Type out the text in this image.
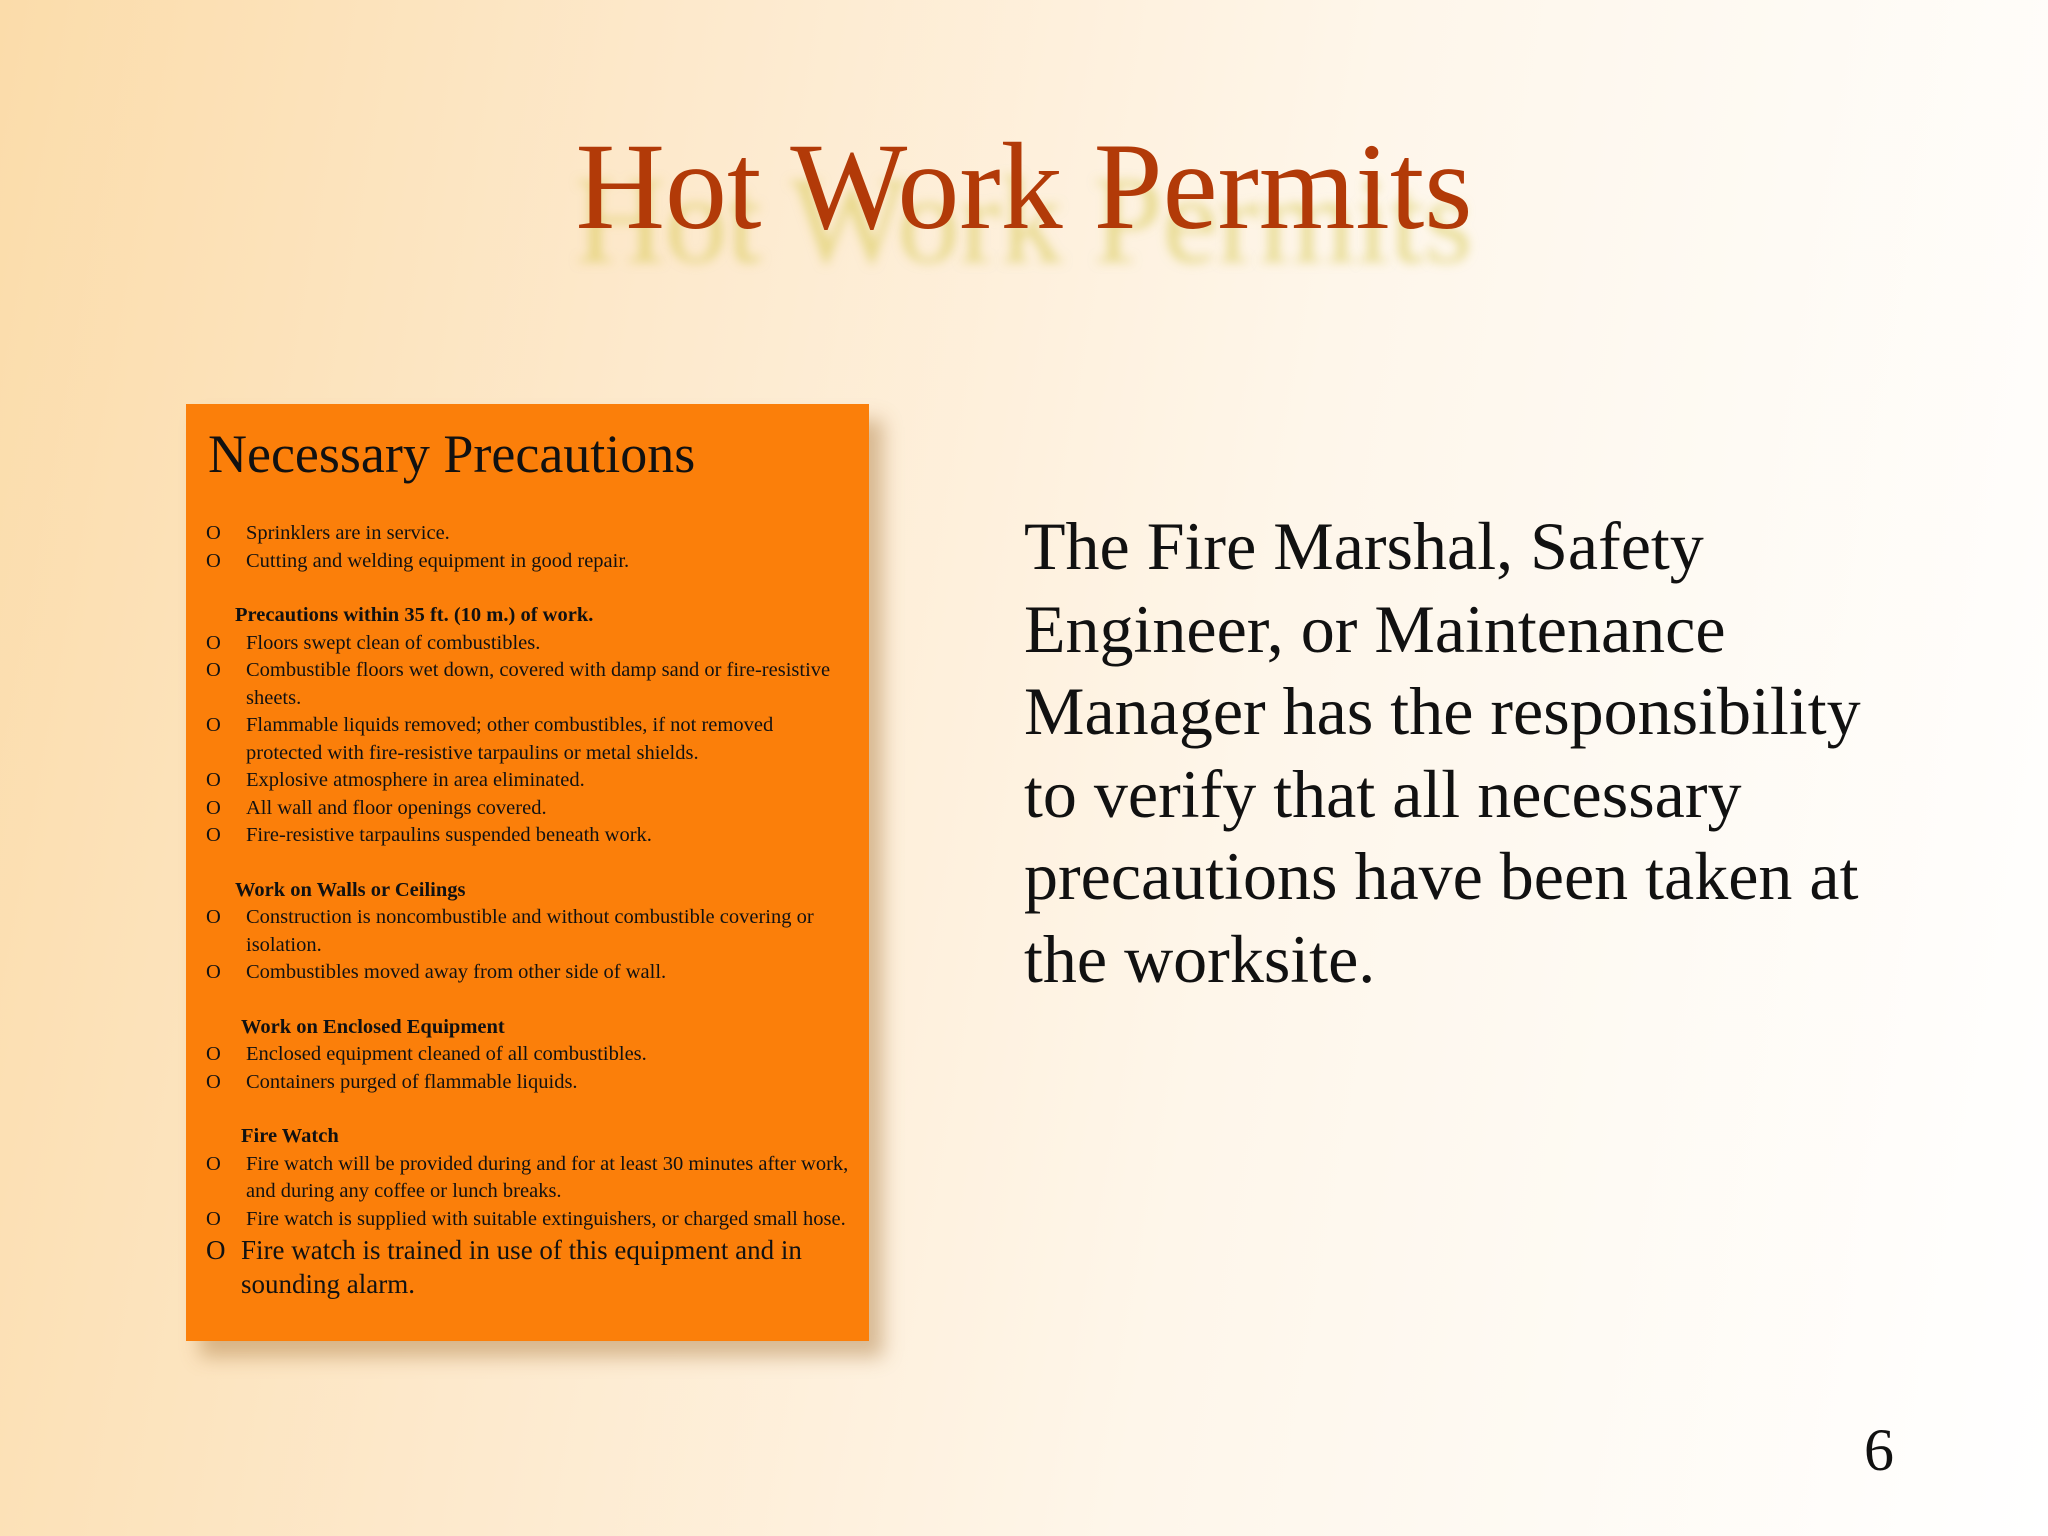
Hot Work Permits
Necessary Precautions
O	Sprinklers are in service.
O	Cutting and welding equipment in good repair.
Precautions within 35 ft. (10 m.) of work.
O	Floors swept clean of combustibles.
O	Combustible floors wet down, covered with damp sand or fire-resistive sheets.
O	Flammable liquids removed; other combustibles, if not removed protected with fire-resistive tarpaulins or metal shields.
O	Explosive atmosphere in area eliminated.
O	All wall and floor openings covered.
O	Fire-resistive tarpaulins suspended beneath work.
Work on Walls or Ceilings
O	Construction is noncombustible and without combustible covering or isolation.
O	Combustibles moved away from other side of wall.
Work on Enclosed Equipment
O	Enclosed equipment cleaned of all combustibles.
O	Containers purged of flammable liquids.
Fire Watch
O	Fire watch will be provided during and for at least 30 minutes after work, and during any coffee or lunch breaks.
O	Fire watch is supplied with suitable extinguishers, or charged small hose.
O Fire watch is trained in use of this equipment and in sounding alarm.

The Fire Marshal, Safety Engineer, or Maintenance Manager has the responsibility to verify that all necessary precautions have been taken at the worksite.

6
